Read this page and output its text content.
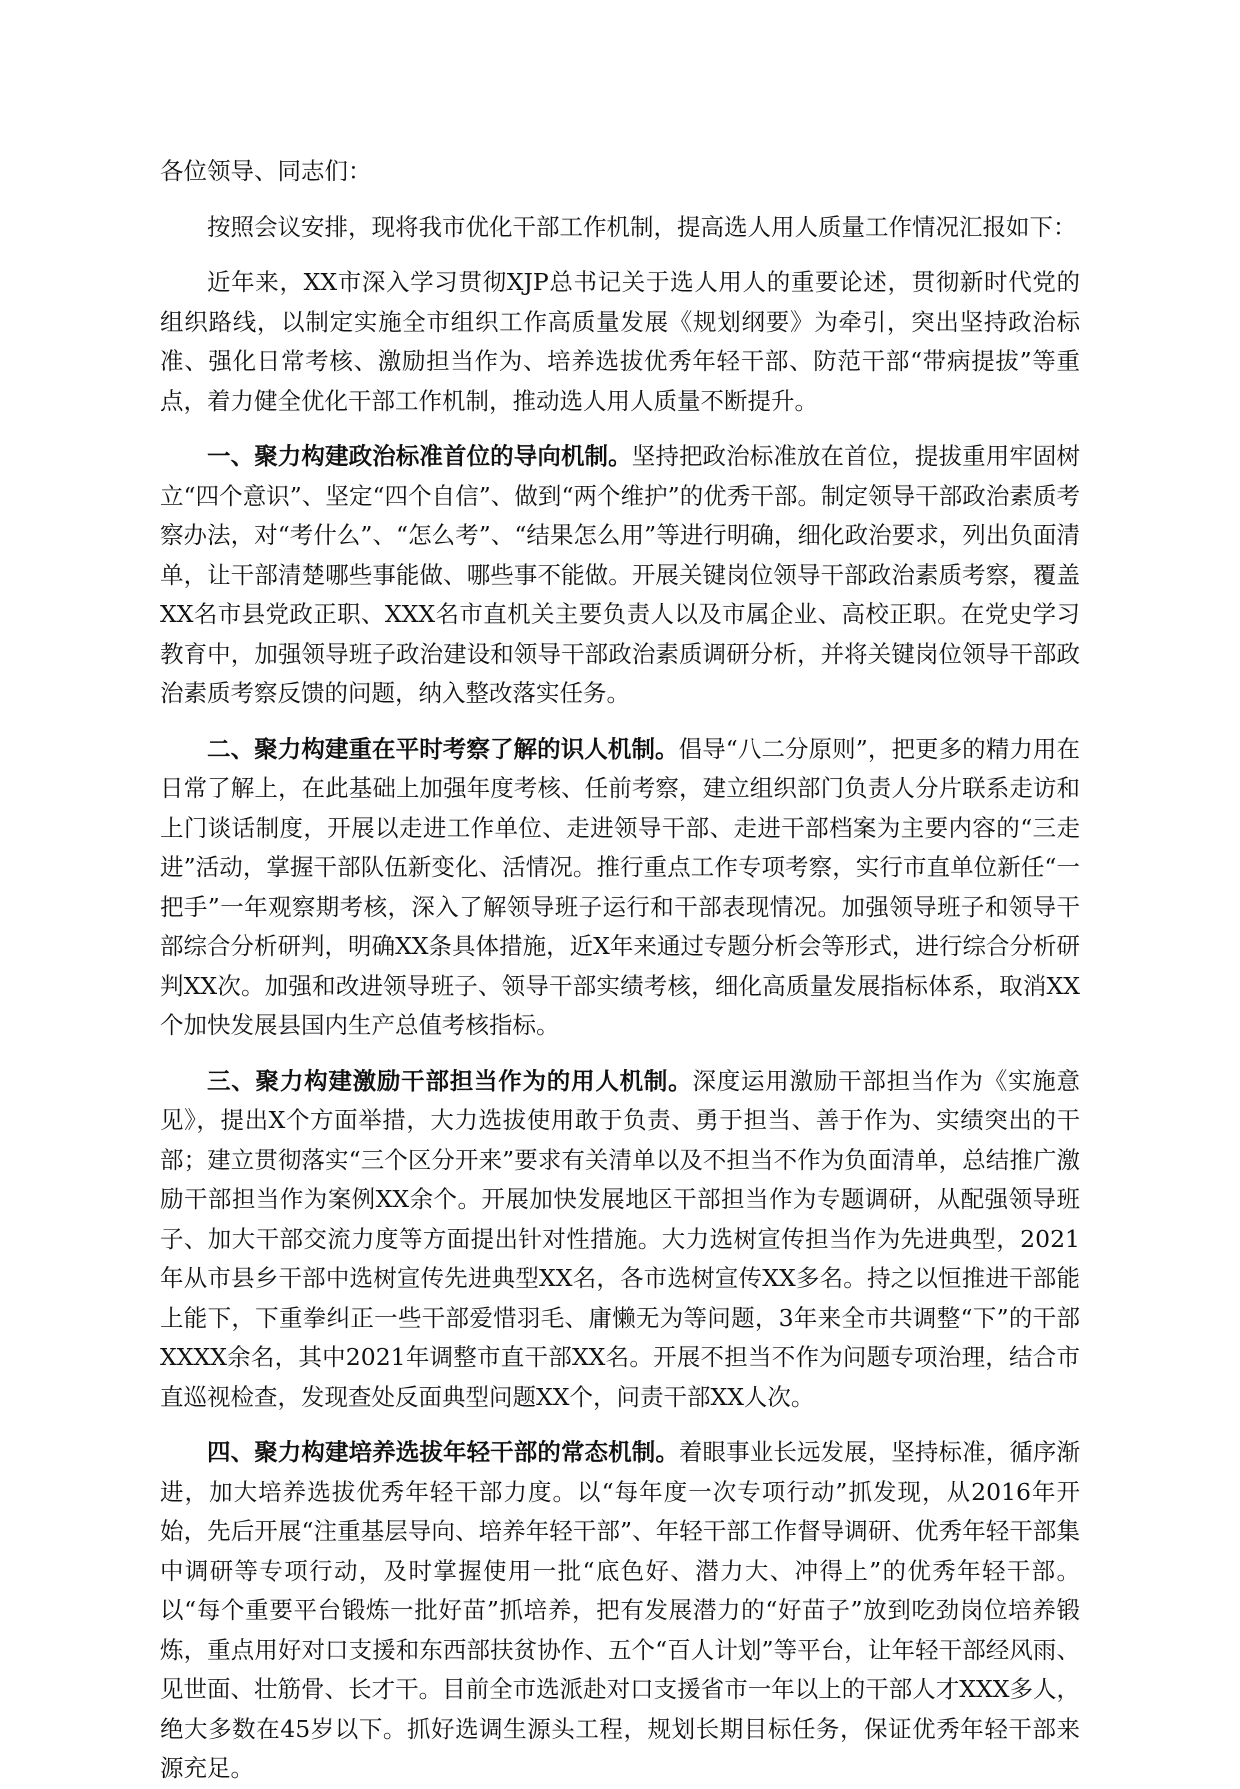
各位领导、同志们：

按照会议安排，现将我市优化干部工作机制，提高选人用人质量工作情况汇报如下：

近年来，XX市深入学习贯彻XJP总书记关于选人用人的重要论述，贯彻新时代党的组织路线，以制定实施全市组织工作高质量发展《规划纲要》为牵引，突出坚持政治标准、强化日常考核、激励担当作为、培养选拔优秀年轻干部、防范干部“带病提拔”等重点，着力健全优化干部工作机制，推动选人用人质量不断提升。

一、聚力构建政治标准首位的导向机制。坚持把政治标准放在首位，提拔重用牢固树立“四个意识”、坚定“四个自信”、做到“两个维护”的优秀干部。制定领导干部政治素质考察办法，对“考什么”、“怎么考”、“结果怎么用”等进行明确，细化政治要求，列出负面清单，让干部清楚哪些事能做、哪些事不能做。开展关键岗位领导干部政治素质考察，覆盖XX名市县党政正职、XXX名市直机关主要负责人以及市属企业、高校正职。在党史学习教育中，加强领导班子政治建设和领导干部政治素质调研分析，并将关键岗位领导干部政治素质考察反馈的问题，纳入整改落实任务。

二、聚力构建重在平时考察了解的识人机制。倡导“八二分原则”，把更多的精力用在日常了解上，在此基础上加强年度考核、任前考察，建立组织部门负责人分片联系走访和上门谈话制度，开展以走进工作单位、走进领导干部、走进干部档案为主要内容的“三走进”活动，掌握干部队伍新变化、活情况。推行重点工作专项考察，实行市直单位新任“一把手”一年观察期考核，深入了解领导班子运行和干部表现情况。加强领导班子和领导干部综合分析研判，明确XX条具体措施，近X年来通过专题分析会等形式，进行综合分析研判XX次。加强和改进领导班子、领导干部实绩考核，细化高质量发展指标体系，取消XX个加快发展县国内生产总值考核指标。

三、聚力构建激励干部担当作为的用人机制。深度运用激励干部担当作为《实施意见》，提出X个方面举措，大力选拔使用敢于负责、勇于担当、善于作为、实绩突出的干部；建立贯彻落实“三个区分开来”要求有关清单以及不担当不作为负面清单，总结推广激励干部担当作为案例XX余个。开展加快发展地区干部担当作为专题调研，从配强领导班子、加大干部交流力度等方面提出针对性措施。大力选树宣传担当作为先进典型，2021年从市县乡干部中选树宣传先进典型XX名，各市选树宣传XX多名。持之以恒推进干部能上能下，下重拳纠正一些干部爱惜羽毛、庸懒无为等问题，3年来全市共调整“下”的干部XXXX余名，其中2021年调整市直干部XX名。开展不担当不作为问题专项治理，结合市直巡视检查，发现查处反面典型问题XX个，问责干部XX人次。

四、聚力构建培养选拔年轻干部的常态机制。着眼事业长远发展，坚持标准，循序渐进，加大培养选拔优秀年轻干部力度。以“每年度一次专项行动”抓发现，从2016年开始，先后开展“注重基层导向、培养年轻干部”、年轻干部工作督导调研、优秀年轻干部集中调研等专项行动，及时掌握使用一批“底色好、潜力大、冲得上”的优秀年轻干部。以“每个重要平台锻炼一批好苗”抓培养，把有发展潜力的“好苗子”放到吃劲岗位培养锻炼，重点用好对口支援和东西部扶贫协作、五个“百人计划”等平台，让年轻干部经风雨、见世面、壮筋骨、长才干。目前全市选派赴对口支援省市一年以上的干部人才XXX多人，绝大多数在45岁以下。抓好选调生源头工程，规划长期目标任务，保证优秀年轻干部来源充足。
